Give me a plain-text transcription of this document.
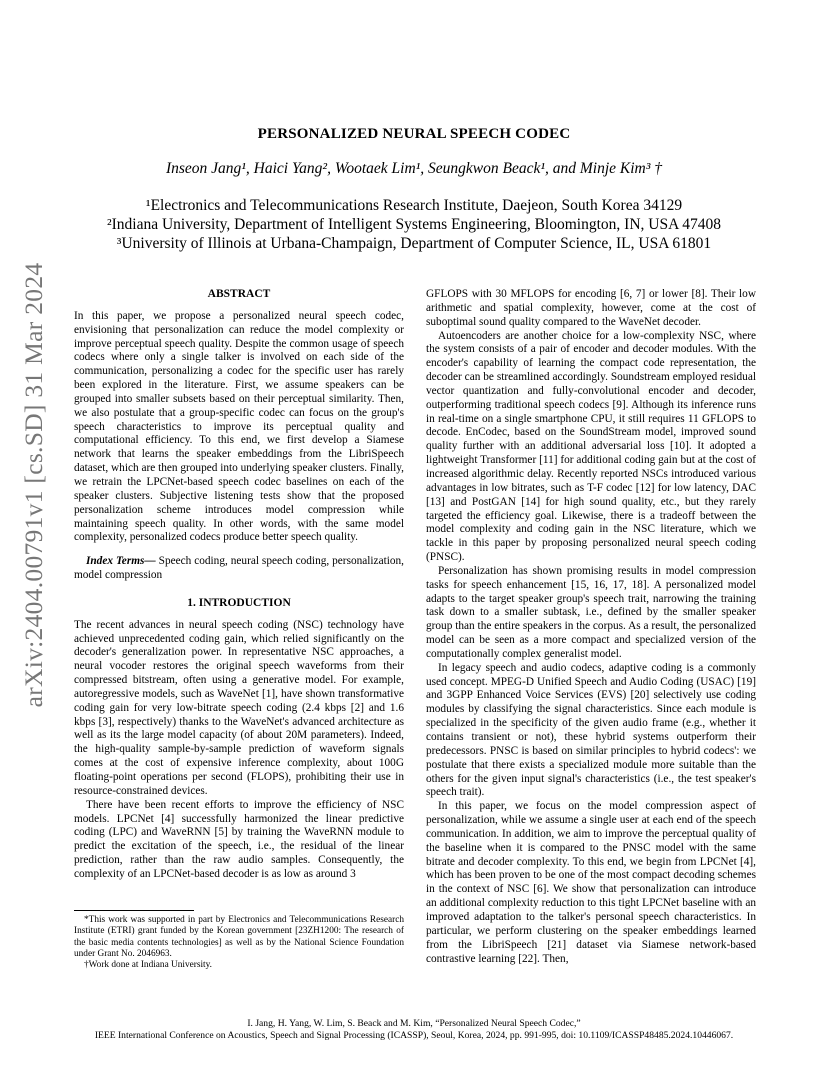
arXiv:2404.00791v1 [cs.SD] 31 Mar 2024
PERSONALIZED NEURAL SPEECH CODEC
Inseon Jang¹, Haici Yang², Wootaek Lim¹, Seungkwon Beack¹, and Minje Kim³ †
¹Electronics and Telecommunications Research Institute, Daejeon, South Korea 34129
²Indiana University, Department of Intelligent Systems Engineering, Bloomington, IN, USA 47408
³University of Illinois at Urbana-Champaign, Department of Computer Science, IL, USA 61801
ABSTRACT

In this paper, we propose a personalized neural speech codec, envisioning that personalization can reduce the model complexity or improve perceptual speech quality. Despite the common usage of speech codecs where only a single talker is involved on each side of the communication, personalizing a codec for the specific user has rarely been explored in the literature. First, we assume speakers can be grouped into smaller subsets based on their perceptual similarity. Then, we also postulate that a group-specific codec can focus on the group's speech characteristics to improve its perceptual quality and computational efficiency. To this end, we first develop a Siamese network that learns the speaker embeddings from the LibriSpeech dataset, which are then grouped into underlying speaker clusters. Finally, we retrain the LPCNet-based speech codec baselines on each of the speaker clusters. Subjective listening tests show that the proposed personalization scheme introduces model compression while maintaining speech quality. In other words, with the same model complexity, personalized codecs produce better speech quality.

Index Terms— Speech coding, neural speech coding, personalization, model compression

1. INTRODUCTION

The recent advances in neural speech coding (NSC) technology have achieved unprecedented coding gain, which relied significantly on the decoder's generalization power. In representative NSC approaches, a neural vocoder restores the original speech waveforms from their compressed bitstream, often using a generative model. For example, autoregressive models, such as WaveNet [1], have shown transformative coding gain for very low-bitrate speech coding (2.4 kbps [2] and 1.6 kbps [3], respectively) thanks to the WaveNet's advanced architecture as well as its the large model capacity (of about 20M parameters). Indeed, the high-quality sample-by-sample prediction of waveform signals comes at the cost of expensive inference complexity, about 100G floating-point operations per second (FLOPS), prohibiting their use in resource-constrained devices.

There have been recent efforts to improve the efficiency of NSC models. LPCNet [4] successfully harmonized the linear predictive coding (LPC) and WaveRNN [5] by training the WaveRNN module to predict the excitation of the speech, i.e., the residual of the linear prediction, rather than the raw audio samples. Consequently, the complexity of an LPCNet-based decoder is as low as around 3

GFLOPS with 30 MFLOPS for encoding [6, 7] or lower [8]. Their low arithmetic and spatial complexity, however, come at the cost of suboptimal sound quality compared to the WaveNet decoder.

Autoencoders are another choice for a low-complexity NSC, where the system consists of a pair of encoder and decoder modules. With the encoder's capability of learning the compact code representation, the decoder can be streamlined accordingly. Soundstream employed residual vector quantization and fully-convolutional encoder and decoder, outperforming traditional speech codecs [9]. Although its inference runs in real-time on a single smartphone CPU, it still requires 11 GFLOPS to decode. EnCodec, based on the SoundStream model, improved sound quality further with an additional adversarial loss [10]. It adopted a lightweight Transformer [11] for additional coding gain but at the cost of increased algorithmic delay. Recently reported NSCs introduced various advantages in low bitrates, such as T-F codec [12] for low latency, DAC [13] and PostGAN [14] for high sound quality, etc., but they rarely targeted the efficiency goal. Likewise, there is a tradeoff between the model complexity and coding gain in the NSC literature, which we tackle in this paper by proposing personalized neural speech coding (PNSC).

Personalization has shown promising results in model compression tasks for speech enhancement [15, 16, 17, 18]. A personalized model adapts to the target speaker group's speech trait, narrowing the training task down to a smaller subtask, i.e., defined by the smaller speaker group than the entire speakers in the corpus. As a result, the personalized model can be seen as a more compact and specialized version of the computationally complex generalist model.

In legacy speech and audio codecs, adaptive coding is a commonly used concept. MPEG-D Unified Speech and Audio Coding (USAC) [19] and 3GPP Enhanced Voice Services (EVS) [20] selectively use coding modules by classifying the signal characteristics. Since each module is specialized in the specificity of the given audio frame (e.g., whether it contains transient or not), these hybrid systems outperform their predecessors. PNSC is based on similar principles to hybrid codecs': we postulate that there exists a specialized module more suitable than the others for the given input signal's characteristics (i.e., the test speaker's speech trait).

In this paper, we focus on the model compression aspect of personalization, while we assume a single user at each end of the speech communication. In addition, we aim to improve the perceptual quality of the baseline when it is compared to the PNSC model with the same bitrate and decoder complexity. To this end, we begin from LPCNet [4], which has been proven to be one of the most compact decoding schemes in the context of NSC [6]. We show that personalization can introduce an additional complexity reduction to this tight LPCNet baseline with an improved adaptation to the talker's personal speech characteristics. In particular, we perform clustering on the speaker embeddings learned from the LibriSpeech [21] dataset via Siamese network-based contrastive learning [22]. Then,

*This work was supported in part by Electronics and Telecommunications Research Institute (ETRI) grant funded by the Korean government [23ZH1200: The research of the basic media contents technologies] as well as by the National Science Foundation under Grant No. 2046963.

†Work done at Indiana University.

I. Jang, H. Yang, W. Lim, S. Beack and M. Kim, “Personalized Neural Speech Codec,”
IEEE International Conference on Acoustics, Speech and Signal Processing (ICASSP), Seoul, Korea, 2024, pp. 991-995, doi: 10.1109/ICASSP48485.2024.10446067.
